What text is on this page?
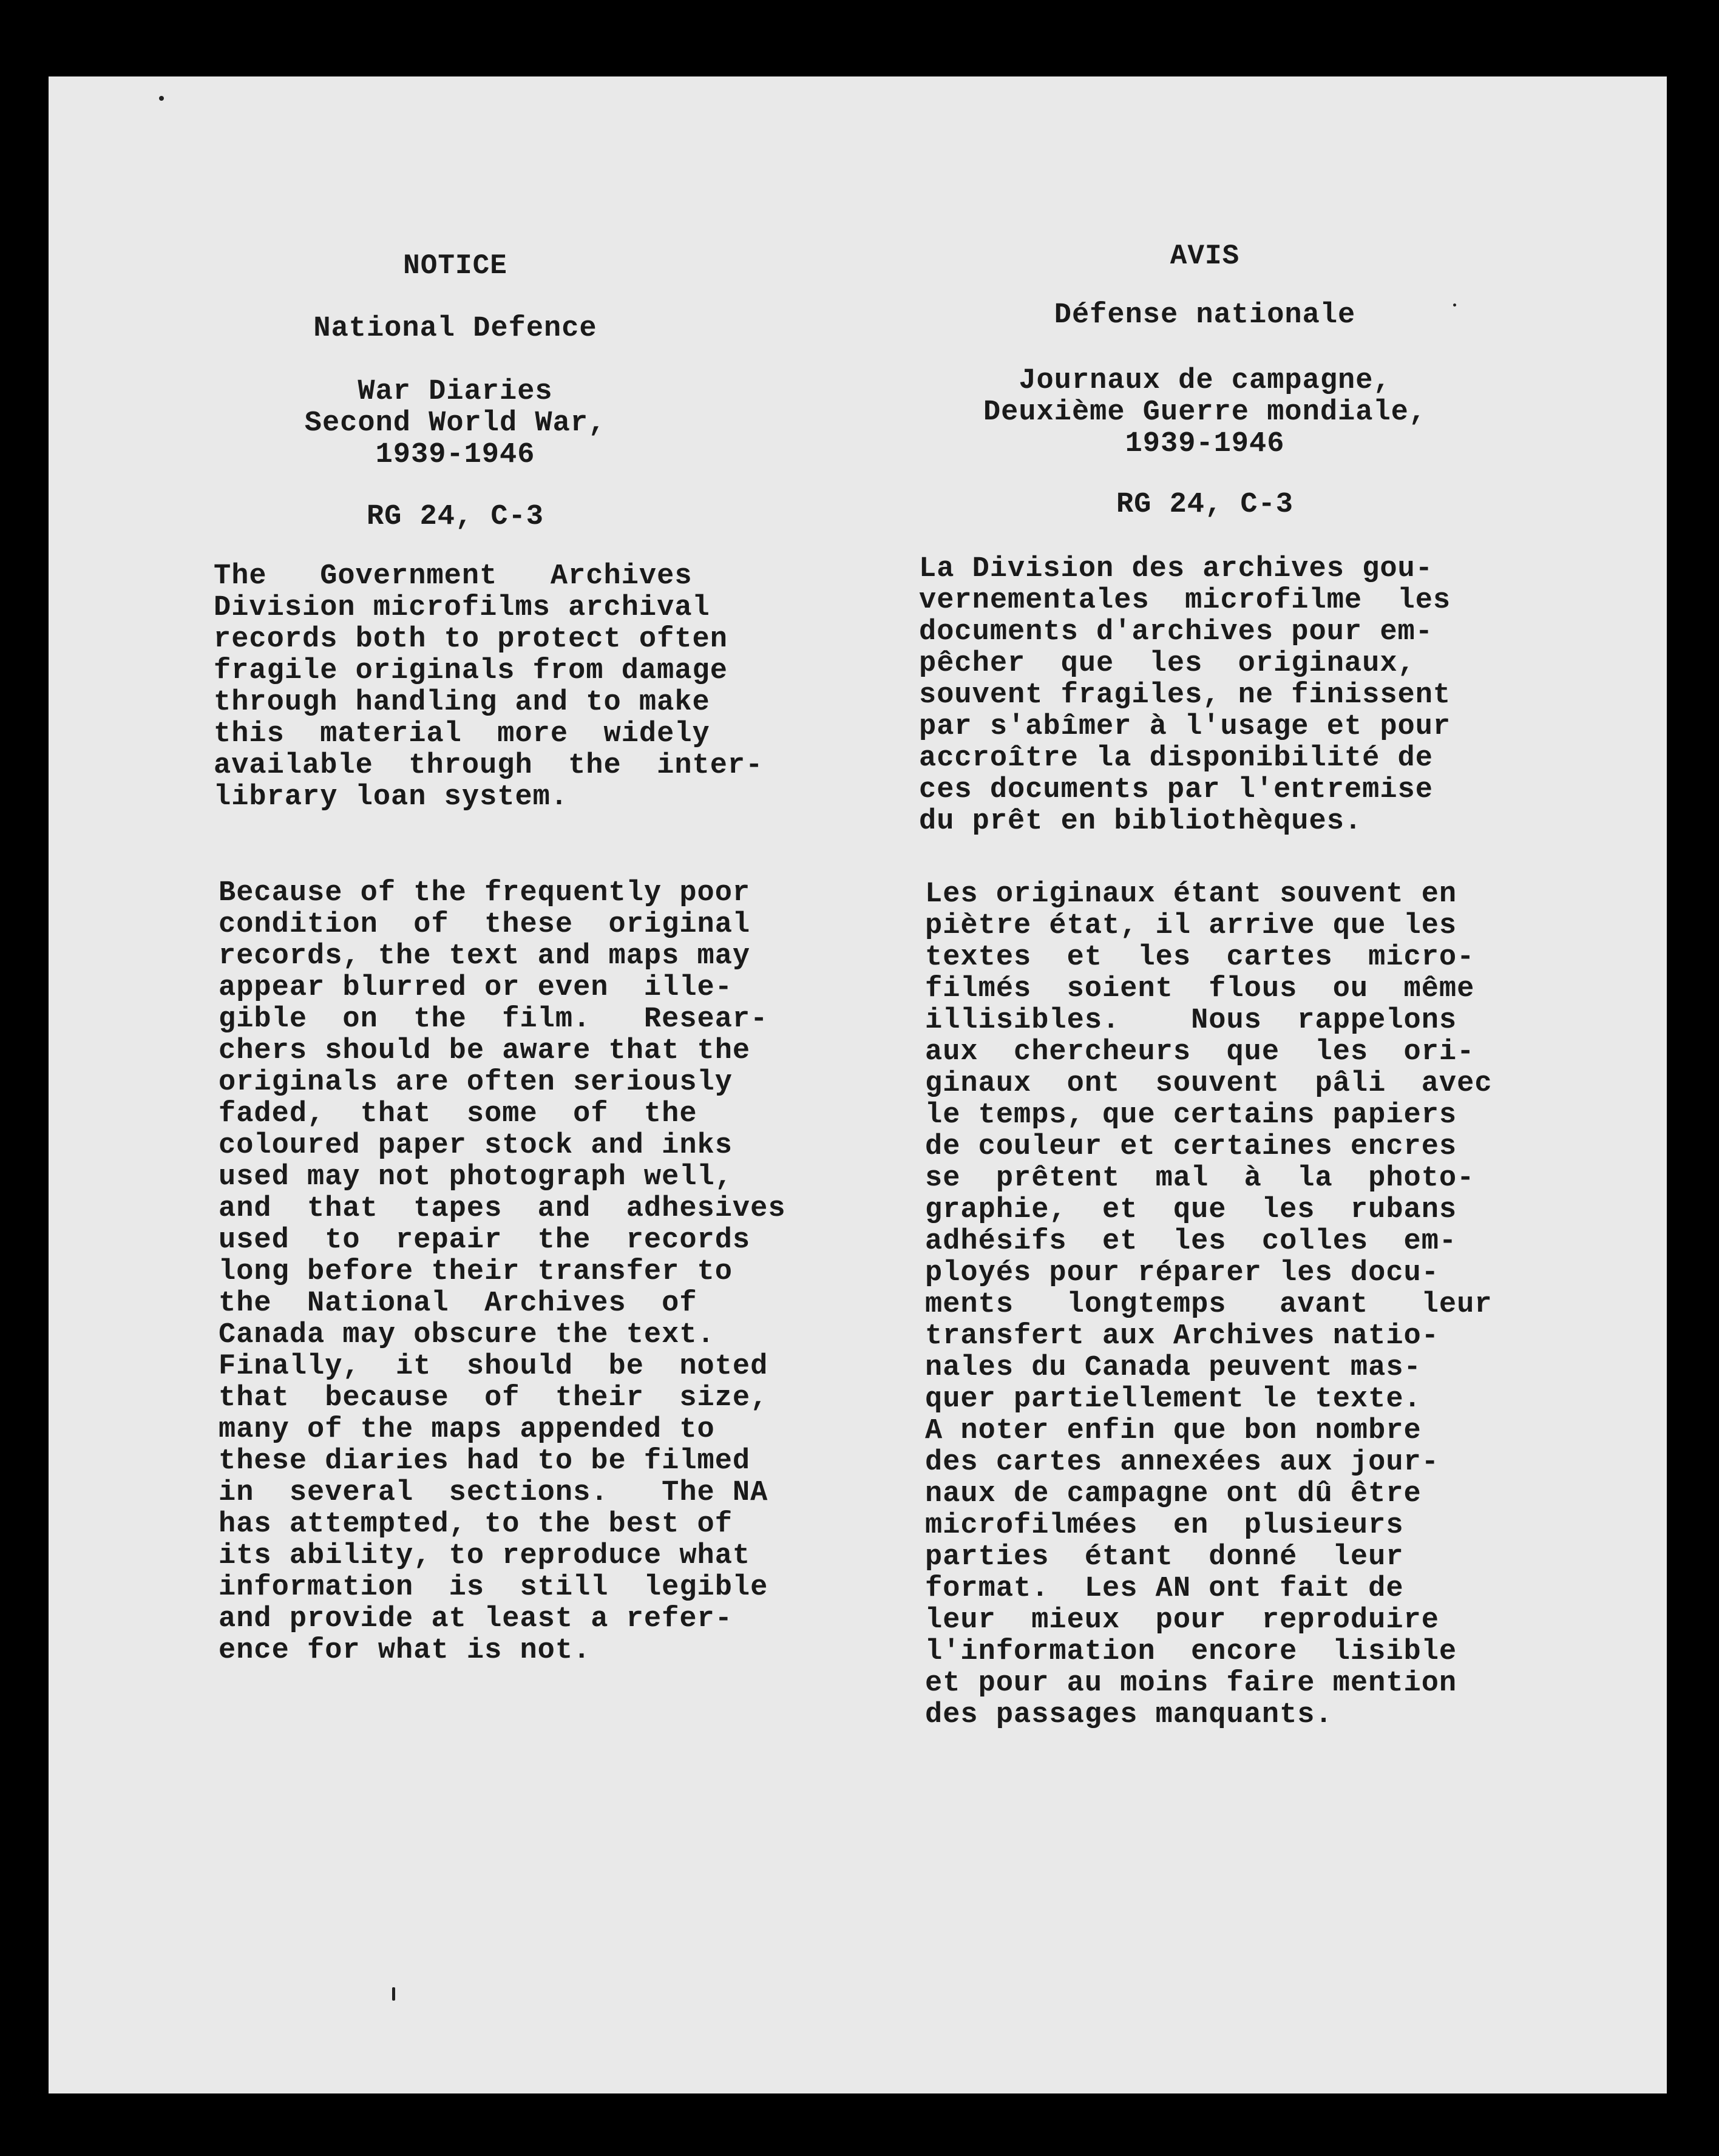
NOTICE
National Defence
War Diaries
Second World War,
1939-1946
RG 24, C-3
The   Government   Archives
Division microfilms archival
records both to protect often
fragile originals from damage
through handling and to make
this  material  more  widely
available  through  the  inter-
library loan system.
Because of the frequently poor
condition  of  these  original
records, the text and maps may
appear blurred or even  ille-
gible  on  the  film.   Resear-
chers should be aware that the
originals are often seriously
faded,  that  some  of  the
coloured paper stock and inks
used may not photograph well,
and  that  tapes  and  adhesives
used  to  repair  the  records
long before their transfer to
the  National  Archives  of
Canada may obscure the text.
Finally,  it  should  be  noted
that  because  of  their  size,
many of the maps appended to
these diaries had to be filmed
in  several  sections.   The NA
has attempted, to the best of
its ability, to reproduce what
information  is  still  legible
and provide at least a refer-
ence for what is not.
AVIS
Défense nationale
Journaux de campagne,
Deuxième Guerre mondiale,
1939-1946
RG 24, C-3
La Division des archives gou-
vernementales  microfilme  les
documents d'archives pour em-
pêcher  que  les  originaux,
souvent fragiles, ne finissent
par s'abîmer à l'usage et pour
accroître la disponibilité de
ces documents par l'entremise
du prêt en bibliothèques.
Les originaux étant souvent en
piètre état, il arrive que les
textes  et  les  cartes  micro-
filmés  soient  flous  ou  même
illisibles.    Nous  rappelons
aux  chercheurs  que  les  ori-
ginaux  ont  souvent  pâli  avec
le temps, que certains papiers
de couleur et certaines encres
se  prêtent  mal  à  la  photo-
graphie,  et  que  les  rubans
adhésifs  et  les  colles  em-
ployés pour réparer les docu-
ments   longtemps   avant   leur
transfert aux Archives natio-
nales du Canada peuvent mas-
quer partiellement le texte.
A noter enfin que bon nombre
des cartes annexées aux jour-
naux de campagne ont dû être
microfilmées  en  plusieurs
parties  étant  donné  leur
format.  Les AN ont fait de
leur  mieux  pour  reproduire
l'information  encore  lisible
et pour au moins faire mention
des passages manquants.
